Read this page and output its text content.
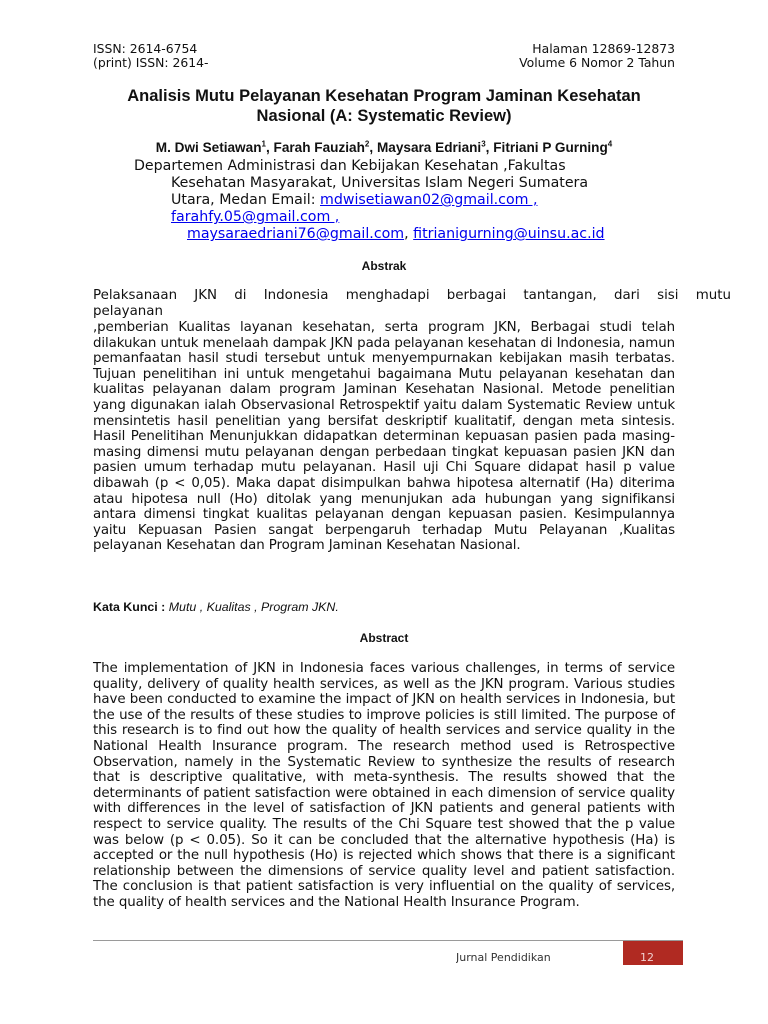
ISSN: 2614-6754
(print) ISSN: 2614-
Halaman 12869-12873
Volume 6 Nomor 2 Tahun
Analisis Mutu Pelayanan Kesehatan Program Jaminan Kesehatan
Nasional (A: Systematic Review)
M. Dwi Setiawan$^1$, Farah Fauziah$^2$, Maysara Edriani$^3$, Fitriani P Gurning$^4$
Departemen Administrasi dan Kebijakan Kesehatan ,Fakultas
Kesehatan Masyarakat, Universitas Islam Negeri Sumatera
Utara, Medan Email: mdwisetiawan02@gmail.com ,
farahfy.05@gmail.com ,
maysaraedriani76@gmail.com, fitrianigurning@uinsu.ac.id
Abstrak
Pelaksanaan JKN di Indonesia menghadapi berbagai tantangan, dari sisi mutu
pelayanan
,pemberian Kualitas layanan kesehatan, serta program JKN, Berbagai studi telah dilakukan untuk menelaah dampak JKN pada pelayanan kesehatan di Indonesia, namun pemanfaatan hasil studi tersebut untuk menyempurnakan kebijakan masih terbatas. Tujuan penelitihan ini untuk mengetahui bagaimana Mutu pelayanan kesehatan dan kualitas pelayanan dalam program Jaminan Kesehatan Nasional. Metode penelitian yang digunakan ialah Observasional Retrospektif yaitu dalam Systematic Review untuk mensintetis hasil penelitian yang bersifat deskriptif kualitatif, dengan meta sintesis. Hasil Penelitihan Menunjukkan didapatkan determinan kepuasan pasien pada masing-masing dimensi mutu pelayanan dengan perbedaan tingkat kepuasan pasien JKN dan pasien umum terhadap mutu pelayanan. Hasil uji Chi Square didapat hasil p value dibawah (p < 0,05). Maka dapat disimpulkan bahwa hipotesa alternatif (Ha) diterima atau hipotesa null (Ho) ditolak yang menunjukan ada hubungan yang signifikansi antara dimensi tingkat kualitas pelayanan dengan kepuasan pasien. Kesimpulannya yaitu Kepuasan Pasien sangat berpengaruh terhadap Mutu Pelayanan ,Kualitas pelayanan Kesehatan dan Program Jaminan Kesehatan Nasional.
Kata Kunci : Mutu , Kualitas , Program JKN.
Abstract
The implementation of JKN in Indonesia faces various challenges, in terms of service quality, delivery of quality health services, as well as the JKN program. Various studies have been conducted to examine the impact of JKN on health services in Indonesia, but the use of the results of these studies to improve policies is still limited. The purpose of this research is to find out how the quality of health services and service quality in the National Health Insurance program. The research method used is Retrospective Observation, namely in the Systematic Review to synthesize the results of research that is descriptive qualitative, with meta-synthesis. The results showed that the determinants of patient satisfaction were obtained in each dimension of service quality with differences in the level of satisfaction of JKN patients and general patients with respect to service quality. The results of the Chi Square test showed that the p value was below (p < 0.05). So it can be concluded that the alternative hypothesis (Ha) is accepted or the null hypothesis (Ho) is rejected which shows that there is a significant relationship between the dimensions of service quality level and patient satisfaction. The conclusion is that patient satisfaction is very influential on the quality of services, the quality of health services and the National Health Insurance Program.
Jurnal Pendidikan	12
